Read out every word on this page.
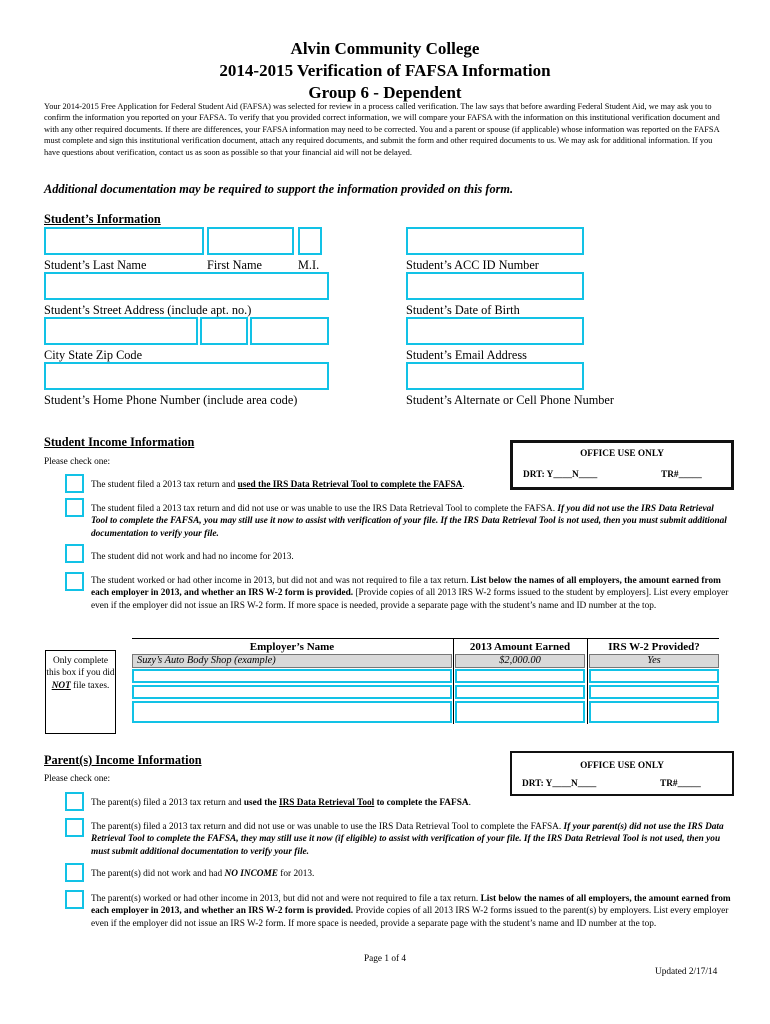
Alvin Community College
2014-2015 Verification of FAFSA Information
Group 6 - Dependent
Your 2014-2015 Free Application for Federal Student Aid (FAFSA) was selected for review in a process called verification. The law says that before awarding Federal Student Aid, we may ask you to confirm the information you reported on your FAFSA. To verify that you provided correct information, we will compare your FAFSA with the information on this institutional verification document and with any other required documents. If there are differences, your FAFSA information may need to be corrected. You and a parent or spouse (if applicable) whose information was reported on the FAFSA must complete and sign this institutional verification document, attach any required documents, and submit the form and other required documents to us. We may ask for additional information. If you have questions about verification, contact us as soon as possible so that your financial aid will not be delayed.
Additional documentation may be required to support the information provided on this form.
Student’s Information
Student’s Last Name	First Name	M.I.	Student’s ACC ID Number
Student’s Street Address (include apt. no.)	Student’s Date of Birth
City State Zip Code	Student’s Email Address
Student’s Home Phone Number (include area code)	Student’s Alternate or Cell Phone Number
Student Income Information
Please check one:
OFFICE USE ONLY
DRT: Y____N____	TR#_____
The student filed a 2013 tax return and used the IRS Data Retrieval Tool to complete the FAFSA.
The student filed a 2013 tax return and did not use or was unable to use the IRS Data Retrieval Tool to complete the FAFSA. If you did not use the IRS Data Retrieval Tool to complete the FAFSA, you may still use it now to assist with verification of your file. If the IRS Data Retrieval Tool is not used, then you must submit additional documentation to verify your file.
The student did not work and had no income for 2013.
The student worked or had other income in 2013, but did not and was not required to file a tax return. List below the names of all employers, the amount earned from each employer in 2013, and whether an IRS W-2 form is provided. [Provide copies of all 2013 IRS W-2 forms issued to the student by employers]. List every employer even if the employer did not issue an IRS W-2 form. If more space is needed, provide a separate page with the student’s name and ID number at the top.
Only complete this box if you did NOT file taxes.
Employer’s Name	2013 Amount Earned	IRS W-2 Provided?
Suzy’s Auto Body Shop (example)	$2,000.00	Yes
Parent(s) Income Information
Please check one:
OFFICE USE ONLY
DRT: Y____N____	TR#_____
The parent(s) filed a 2013 tax return and used the IRS Data Retrieval Tool to complete the FAFSA.
The parent(s) filed a 2013 tax return and did not use or was unable to use the IRS Data Retrieval Tool to complete the FAFSA. If your parent(s) did not use the IRS Data Retrieval Tool to complete the FAFSA, they may still use it now (if eligible) to assist with verification of your file. If the IRS Data Retrieval Tool is not used, then you must submit additional documentation to verify your file.
The parent(s) did not work and had NO INCOME for 2013.
The parent(s) worked or had other income in 2013, but did not and were not required to file a tax return. List below the names of all employers, the amount earned from each employer in 2013, and whether an IRS W-2 form is provided. Provide copies of all 2013 IRS W-2 forms issued to the parent(s) by employers. List every employer even if the employer did not issue an IRS W-2 form. If more space is needed, provide a separate page with the student’s name and ID number at the top.
Page 1 of 4
Updated 2/17/14
